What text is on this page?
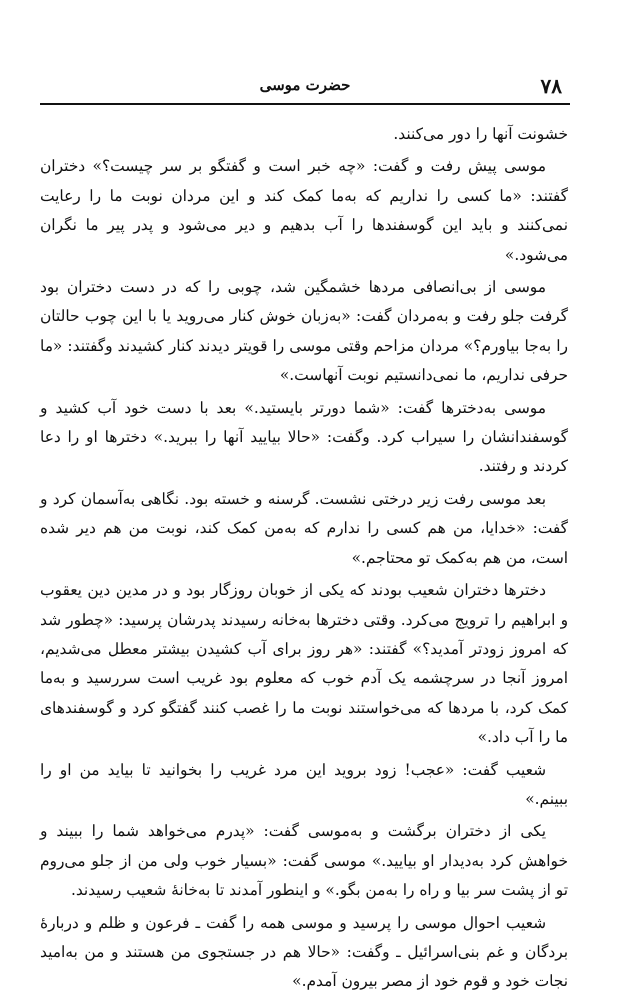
۷۸
حضرت موسی

خشونت آنها را دور می‌کنند.

موسی پیش رفت و گفت: «چه خبر است و گفتگو بر سر چیست؟» دختران گفتند: «ما کسی را نداریم که به‌ما کمک کند و این مردان نوبت ما را رعایت نمی‌کنند و باید این گوسفندها را آب بدهیم و دیر می‌شود و پدر پیر ما نگران می‌شود.»

موسی از بی‌انصافی مردها خشمگین شد، چوبی را که در دست دختران بود گرفت جلو رفت و به‌مردان گفت: «به‌زبان خوش کنار می‌روید یا با این چوب حالتان را به‌جا بیاورم؟» مردان مزاحم وقتی موسی را قویتر دیدند کنار کشیدند وگفتند: «ما حرفی نداریم، ما نمی‌دانستیم نوبت آنهاست.»

موسی به‌دخترها گفت: «شما دورتر بایستید.» بعد با دست خود آب کشید و گوسفندانشان را سیراب کرد. وگفت: «حالا بیایید آنها را ببرید.» دخترها او را دعا کردند و رفتند.

بعد موسی رفت زیر درختی نشست. گرسنه و خسته بود. نگاهی به‌آسمان کرد و گفت: «خدایا، من هم کسی را ندارم که به‌من کمک کند، نوبت من هم دیر شده است، من هم به‌کمک تو محتاجم.»

دخترها دختران شعیب بودند که یکی از خوبان روزگار بود و در مدین دین یعقوب و ابراهیم را ترویج می‌کرد. وقتی دخترها به‌خانه رسیدند پدرشان پرسید: «چطور شد که امروز زودتر آمدید؟» گفتند: «هر روز برای آب کشیدن بیشتر معطل می‌شدیم، امروز آنجا در سرچشمه یک آدم خوب که معلوم بود غریب است سررسید و به‌ما کمک کرد، با مردها که می‌خواستند نوبت ما را غصب کنند گفتگو کرد و گوسفندهای ما را آب داد.»

شعیب گفت: «عجب! زود بروید این مرد غریب را بخوانید تا بیاید من او را ببینم.»

یکی از دختران برگشت و به‌موسی گفت: «پدرم می‌خواهد شما را ببیند و خواهش کرد به‌دیدار او بیایید.» موسی گفت: «بسیار خوب ولی من از جلو می‌روم تو از پشت سر بیا و راه را به‌من بگو.» و اینطور آمدند تا به‌خانهٔ شعیب رسیدند.

شعیب احوال موسی را پرسید و موسی همه را گفت ـ فرعون و ظلم و دربارهٔ بردگان و غم بنی‌اسرائیل ـ وگفت: «حالا هم در جستجوی من هستند و من به‌امید نجات خود و قوم خود از مصر بیرون آمدم.»
